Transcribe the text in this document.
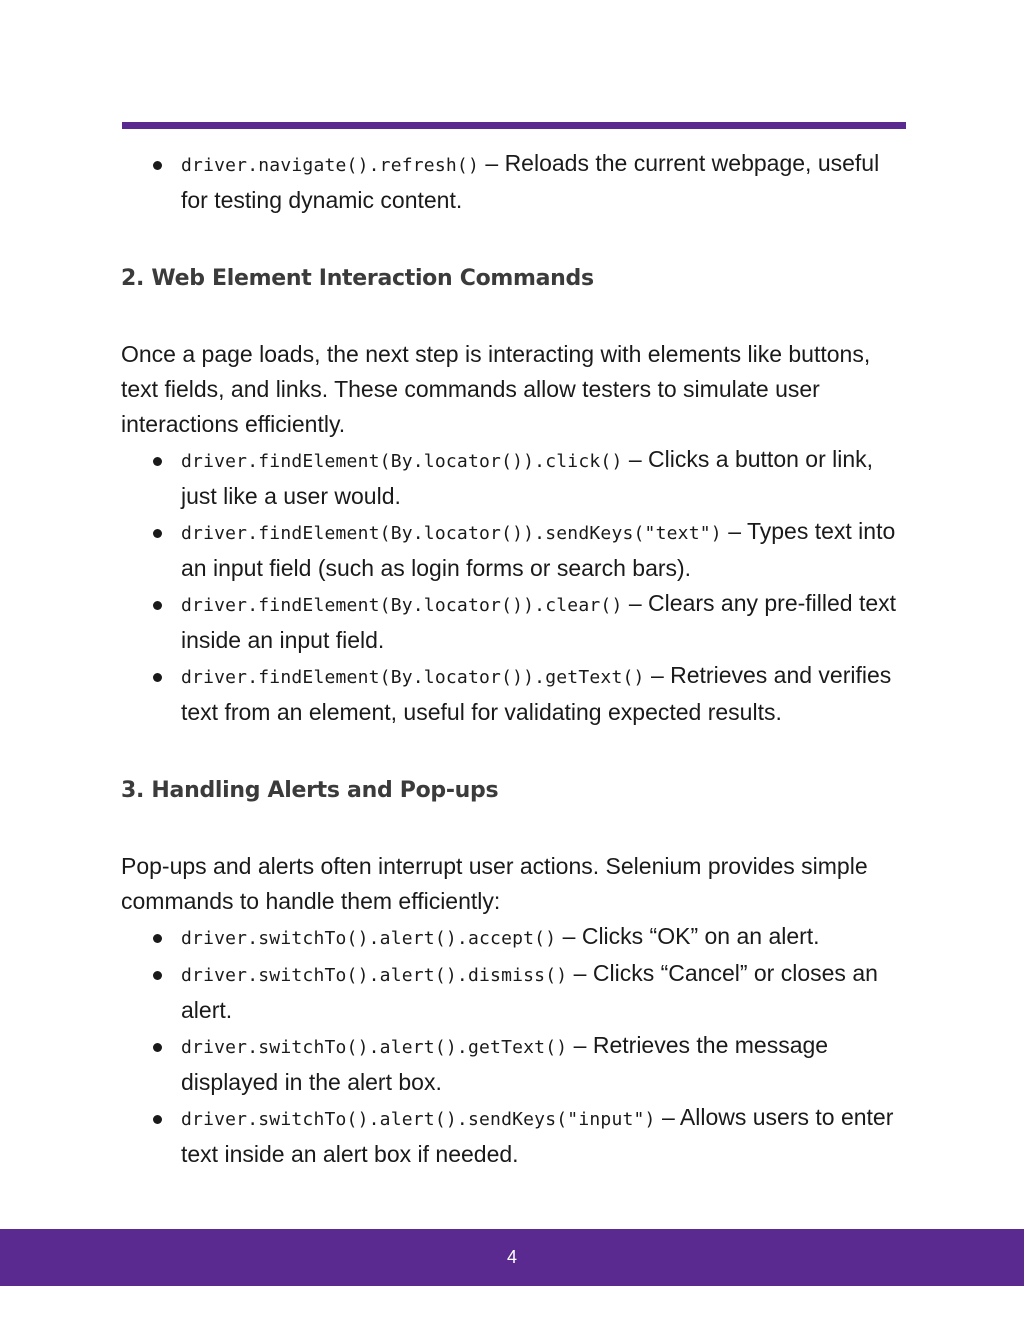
driver.navigate().refresh() – Reloads the current webpage, useful for testing dynamic content.
2. Web Element Interaction Commands

Once a page loads, the next step is interacting with elements like buttons, text fields, and links. These commands allow testers to simulate user interactions efficiently.

driver.findElement(By.locator()).click() – Clicks a button or link, just like a user would.
driver.findElement(By.locator()).sendKeys("text") – Types text into an input field (such as login forms or search bars).
driver.findElement(By.locator()).clear() – Clears any pre-filled text inside an input field.
driver.findElement(By.locator()).getText() – Retrieves and verifies text from an element, useful for validating expected results.
3. Handling Alerts and Pop-ups

Pop-ups and alerts often interrupt user actions. Selenium provides simple commands to handle them efficiently:

driver.switchTo().alert().accept() – Clicks “OK” on an alert.
driver.switchTo().alert().dismiss() – Clicks “Cancel” or closes an alert.
driver.switchTo().alert().getText() – Retrieves the message displayed in the alert box.
driver.switchTo().alert().sendKeys("input") – Allows users to enter text inside an alert box if needed.
4
